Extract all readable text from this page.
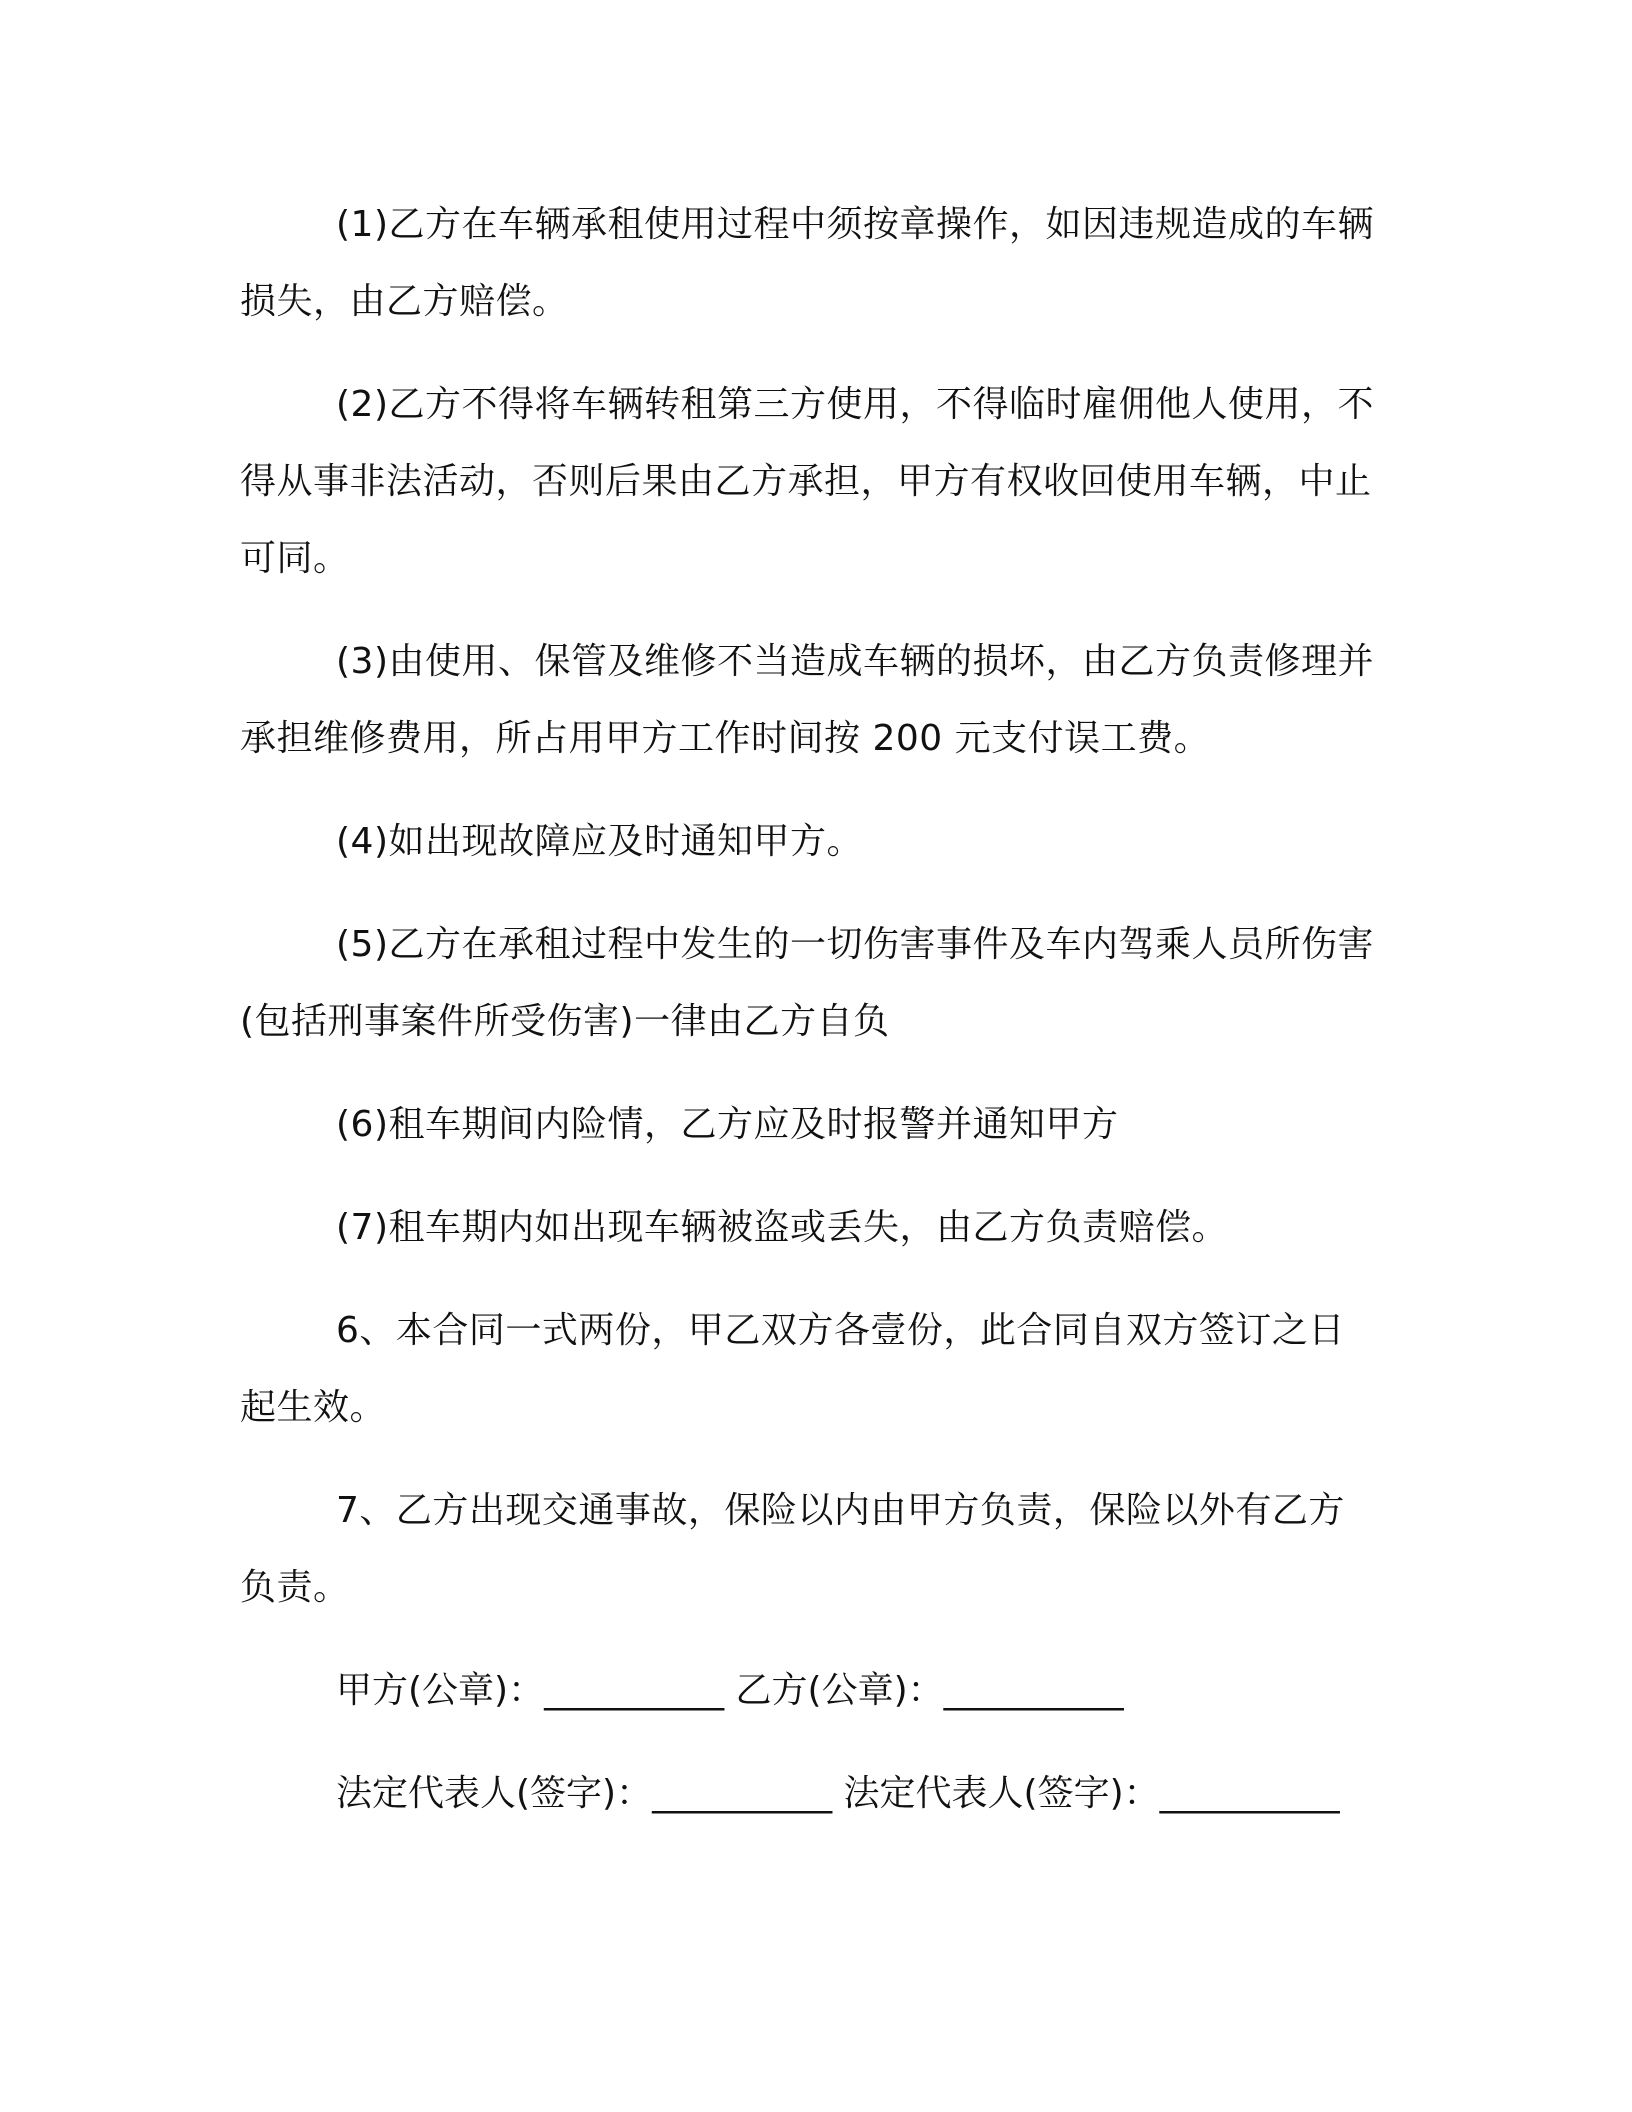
(1)乙方在车辆承租使用过程中须按章操作，如因违规造成的车辆损失，由乙方赔偿。

(2)乙方不得将车辆转租第三方使用，不得临时雇佣他人使用，不得从事非法活动，否则后果由乙方承担，甲方有权收回使用车辆，中止可同。

(3)由使用、保管及维修不当造成车辆的损坏，由乙方负责修理并承担维修费用，所占用甲方工作时间按 200 元支付误工费。

(4)如出现故障应及时通知甲方。

(5)乙方在承租过程中发生的一切伤害事件及车内驾乘人员所伤害(包括刑事案件所受伤害)一律由乙方自负

(6)租车期间内险情，乙方应及时报警并通知甲方

(7)租车期内如出现车辆被盗或丢失，由乙方负责赔偿。

6、本合同一式两份，甲乙双方各壹份，此合同自双方签订之日起生效。

7、乙方出现交通事故，保险以内由甲方负责，保险以外有乙方负责。

甲方(公章)：__________ 乙方(公章)：__________

法定代表人(签字)：__________ 法定代表人(签字)：__________
